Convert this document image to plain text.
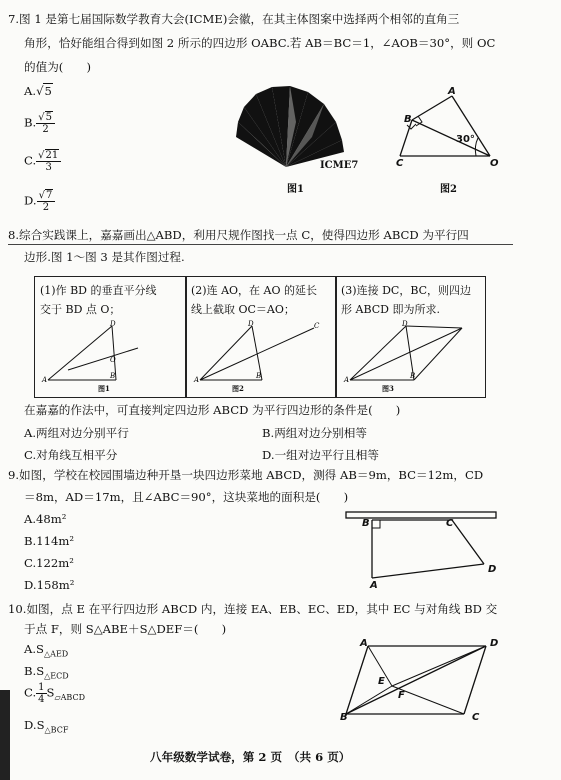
7.图 1 是第七届国际数学教育大会(ICME)会徽，在其主体图案中选择两个相邻的直角三
角形，恰好能组合得到如图 2 所示的四边形 OABC.若 AB＝BC＝1，∠AOB＝30°，则 OC
的值为(　　)
A.√5
B. $\frac{√5}{2}$
C. $\frac{√21}{3}$
D. $\frac{√7}{2}$
ICME7
图1
A
B
C	O
30°
图2
8.综合实践课上，嘉嘉画出△ABD，利用尺规作图找一点 C，使得四边形 ABCD 为平行四
边形.图 1～图 3 是其作图过程.
(1)作 BD 的垂直平分线
交于 BD 点 O；
(2)连 AO，在 AO 的延长
线上截取 OC＝AO；
(3)连接 DC，BC，则四边
形 ABCD 即为所求.
B
A
D
O
图1
B
A
D	C
图2
B
A
D
图3
在嘉嘉的作法中，可直接判定四边形 ABCD 为平行四边形的条件是(　　)
A.两组对边分别平行	B.两组对边分别相等
C.对角线互相平分	D.一组对边平行且相等
9.如图，学校在校园围墙边种开垦一块四边形菜地 ABCD，测得 AB＝9m，BC＝12m，CD
＝8m，AD＝17m，且∠ABC＝90°，这块菜地的面积是(　　)
A.48m²
B.114m²
C.122m²
D.158m²
B	C
D
A
10.如图，点 E 在平行四边形 ABCD 内，连接 EA、EB、EC、ED，其中 EC 与对角线 BD 交
于点 F，则 S△ABE＋S△DEF＝(　　)
$A.S_{\triangle AED}$
$B.S_{\triangle ECD}$
C. $\frac{1}{4} S_{▱ABCD}$
$D.S_{\triangle BCF}$
A	D
E
F
B	C
八年级数学试卷，第 2 页　（共 6 页）
